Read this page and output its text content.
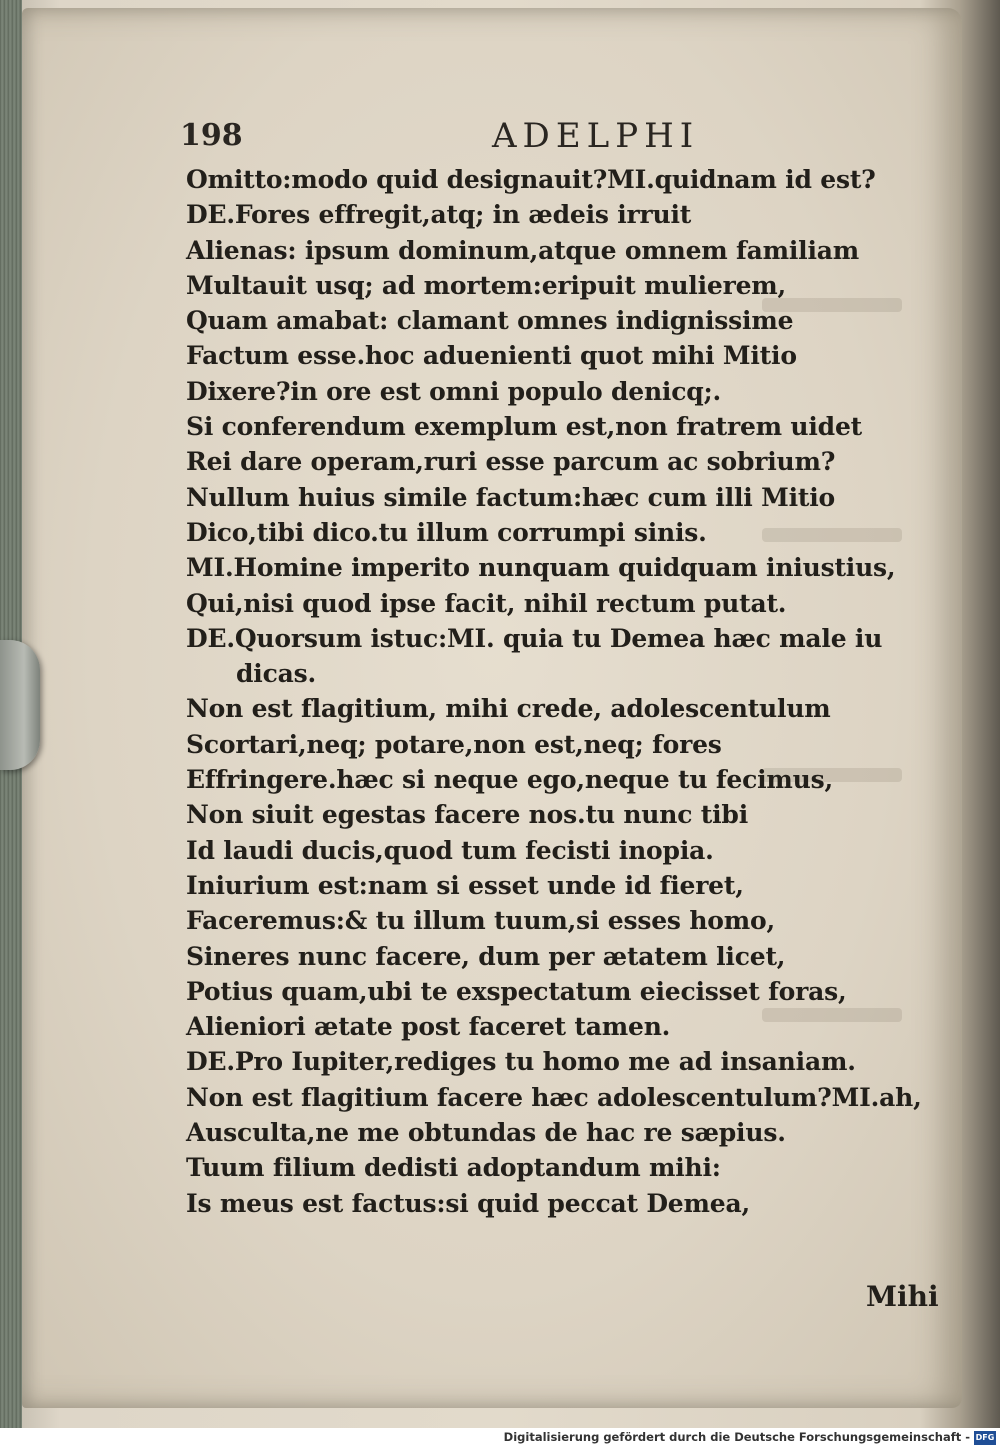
198	ADELPHI
Omitto:modo quid designauit?MI.quidnam id est?
DE.Fores effregit,atq; in ædeis irruit
Alienas: ipsum dominum,atque omnem familiam
Multauit usq; ad mortem:eripuit mulierem,
Quam amabat: clamant omnes indignissime
Factum esse.hoc aduenienti quot mihi Mitio
Dixere?in ore est omni populo denicq;.
Si conferendum exemplum est,non fratrem uidet
Rei dare operam,ruri esse parcum ac sobrium?
Nullum huius simile factum:hæc cum illi Mitio
Dico,tibi dico.tu illum corrumpi sinis.
MI.Homine imperito nunquam quidquam iniustius,
Qui,nisi quod ipse facit, nihil rectum putat.
DE.Quorsum istuc:MI. quia tu Demea hæc male iu
dicas.
Non est flagitium, mihi crede, adolescentulum
Scortari,neq; potare,non est,neq; fores
Effringere.hæc si neque ego,neque tu fecimus,
Non siuit egestas facere nos.tu nunc tibi
Id laudi ducis,quod tum fecisti inopia.
Iniurium est:nam si esset unde id fieret,
Faceremus:& tu illum tuum,si esses homo,
Sineres nunc facere, dum per ætatem licet,
Potius quam,ubi te exspectatum eiecisset foras,
Alieniori ætate post faceret tamen.
DE.Pro Iupiter,rediges tu homo me ad insaniam.
Non est flagitium facere hæc adolescentulum?MI.ah,
Ausculta,ne me obtundas de hac re sæpius.
Tuum filium dedisti adoptandum mihi:
Is meus est factus:si quid peccat Demea,
Mihi
Digitalisierung gefördert durch die Deutsche Forschungsgemeinschaft - DFG
